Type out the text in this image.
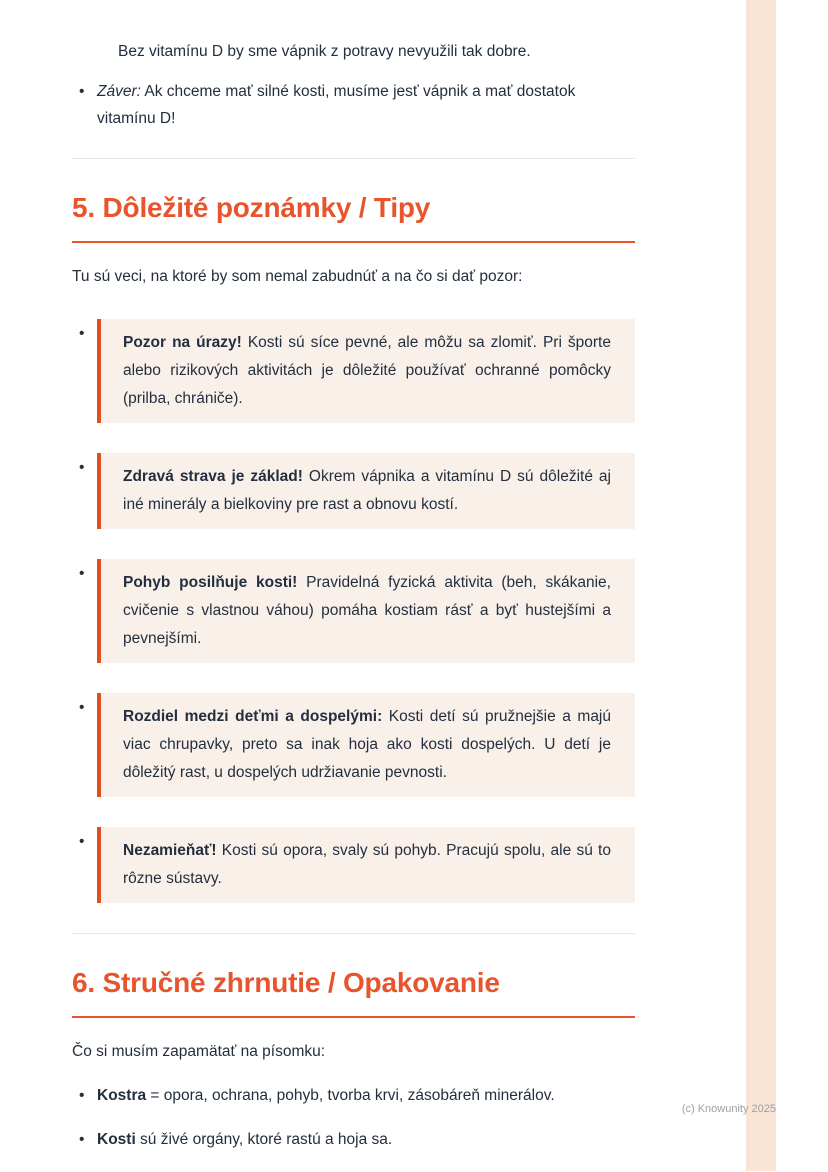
Bez vitamínu D by sme vápnik z potravy nevyužili tak dobre.

• Záver: Ak chceme mať silné kosti, musíme jesť vápnik a mať dostatok vitamínu D!
5. Dôležité poznámky / Tipy

Tu sú veci, na ktoré by som nemal zabudnúť a na čo si dať pozor:

•
Pozor na úrazy! Kosti sú síce pevné, ale môžu sa zlomiť. Pri športe alebo rizikových aktivitách je dôležité používať ochranné pomôcky (prilba, chrániče).
•
Zdravá strava je základ! Okrem vápnika a vitamínu D sú dôležité aj iné minerály a bielkoviny pre rast a obnovu kostí.
•
Pohyb posilňuje kosti! Pravidelná fyzická aktivita (beh, skákanie, cvičenie s vlastnou váhou) pomáha kostiam rásť a byť hustejšími a pevnejšími.
•
Rozdiel medzi deťmi a dospelými: Kosti detí sú pružnejšie a majú viac chrupavky, preto sa inak hoja ako kosti dospelých. U detí je dôležitý rast, u dospelých udržiavanie pevnosti.
•
Nezamieňať! Kosti sú opora, svaly sú pohyb. Pracujú spolu, ale sú to rôzne sústavy.
6. Stručné zhrnutie / Opakovanie

Čo si musím zapamätať na písomku:

• Kostra = opora, ochrana, pohyb, tvorba krvi, zásobáreň minerálov.
• Kosti sú živé orgány, ktoré rastú a hoja sa.
(c) Knowunity 2025
